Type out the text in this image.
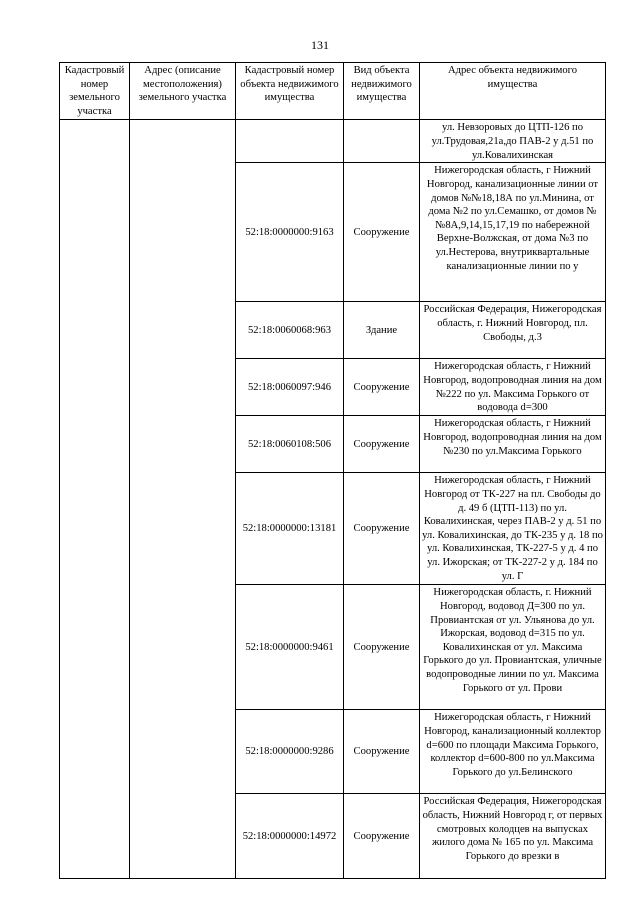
131
Кадастровый номер земельного участка	Адрес (описание местоположения) земельного участка	Кадастровый номер объекта недвижимого имущества	Вид объекта недвижимого имущества	Адрес объекта недвижимого имущества

				ул. Невзоровых до ЦТП-126 по ул.Трудовая,21а,до ПАВ-2 у д.51 по ул.Ковалихинская

		52:18:0000000:9163	Сооружение	Нижегородская область, г Нижний Новгород, канализационные линии от домов №№18,18А по ул.Минина, от дома №2 по ул.Семашко, от домов №№8А,9,14,15,17,19 по набережной Верхне-Волжская, от дома №3 по ул.Нестерова, внутриквартальные канализационные линии по у

		52:18:0060068:963	Здание	Российская Федерация, Нижегородская область, г. Нижний Новгород, пл. Свободы, д.3

		52:18:0060097:946	Сооружение	Нижегородская область, г Нижний Новгород, водопроводная линия на дом №222 по ул. Максима Горького от водовода d=300

		52:18:0060108:506	Сооружение	Нижегородская область, г Нижний Новгород, водопроводная линия на дом №230 по ул.Максима Горького

		52:18:0000000:13181	Сооружение	Нижегородская область, г Нижний Новгород от ТК-227 на пл. Свободы до д. 49 б (ЦТП-113) по ул. Ковалихинская, через ПАВ-2 у д. 51 по ул. Ковалихинская, до ТК-235 у д. 18 по ул. Ковалихинская, ТК-227-5 у д. 4 по ул. Ижорская; от ТК-227-2 у д. 184 по ул. Г

		52:18:0000000:9461	Сооружение	Нижегородская область, г. Нижний Новгород, водовод Д=300 по ул. Провиантская от ул. Ульянова до ул. Ижорская, водовод d=315 по ул. Ковалихинская от ул. Максима Горького до ул. Провиантская, уличные водопроводные линии по ул. Максима Горького от ул. Прови

		52:18:0000000:9286	Сооружение	Нижегородская область, г Нижний Новгород, канализационный коллектор d=600 по площади Максима Горького, коллектор d=600-800 по ул.Максима Горького до ул.Белинского

		52:18:0000000:14972	Сооружение	Российская Федерация, Нижегородская область, Нижний Новгород г, от первых смотровых колодцев на выпусках жилого дома № 165 по ул. Максима Горького до врезки в
